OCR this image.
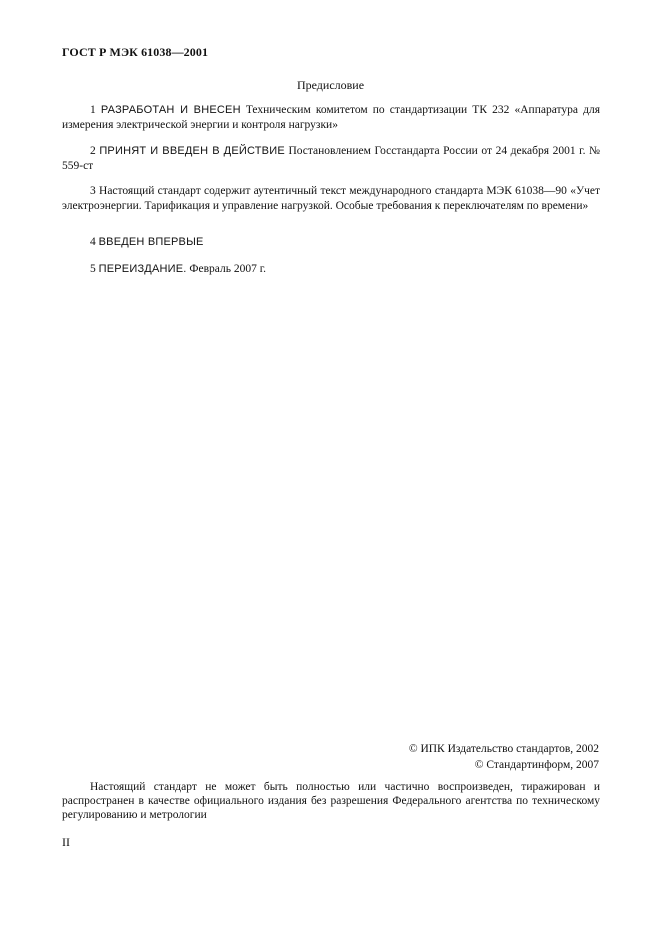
ГОСТ Р МЭК 61038—2001
Предисловие

1 РАЗРАБОТАН И ВНЕСЕН Техническим комитетом по стандартизации ТК 232 «Аппаратура для измерения электрической энергии и контроля нагрузки»

2 ПРИНЯТ И ВВЕДЕН В ДЕЙСТВИЕ Постановлением Госстандарта России от 24 декабря 2001 г. № 559-ст

3 Настоящий стандарт содержит аутентичный текст международного стандарта МЭК 61038—90 «Учет электроэнергии. Тарификация и управление нагрузкой. Особые требования к переключателям по времени»

4 ВВЕДЕН ВПЕРВЫЕ

5 ПЕРЕИЗДАНИЕ. Февраль 2007 г.

© ИПК Издательство стандартов, 2002
© Стандартинформ, 2007

Настоящий стандарт не может быть полностью или частично воспроизведен, тиражирован и распространен в качестве официального издания без разрешения Федерального агентства по техническому регулированию и метрологии

II
